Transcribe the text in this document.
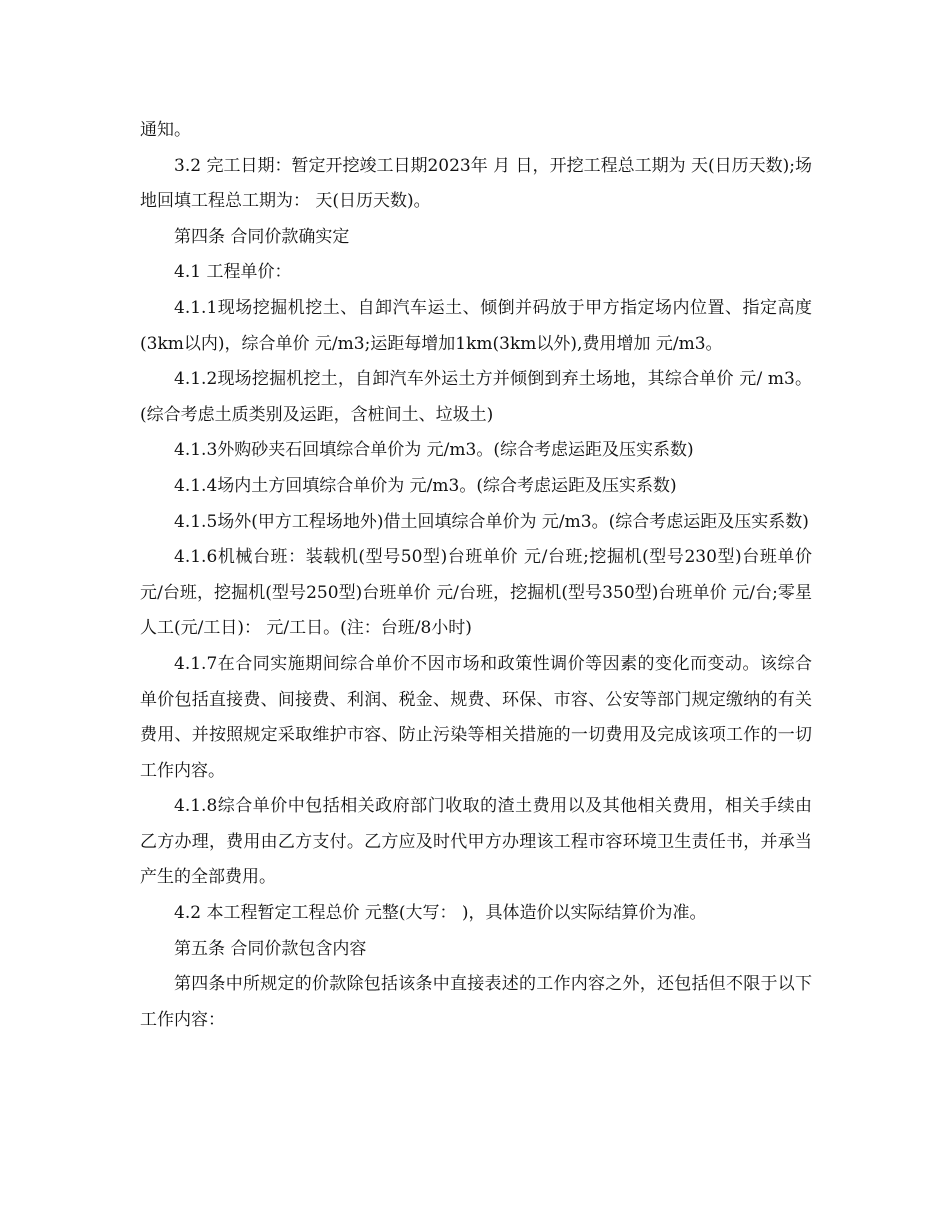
通知。

3.2 完工日期：暂定开挖竣工日期2023年 月 日，开挖工程总工期为 天(日历天数);场地回填工程总工期为： 天(日历天数)。

第四条 合同价款确实定

4.1 工程单价：

4.1.1现场挖掘机挖土、自卸汽车运土、倾倒并码放于甲方指定场内位置、指定高度(3km以内)，综合单价 元/m3;运距每增加1km(3km以外),费用增加 元/m3。

4.1.2现场挖掘机挖土，自卸汽车外运土方并倾倒到弃土场地，其综合单价 元/ m3。(综合考虑土质类别及运距，含桩间土、垃圾土)

4.1.3外购砂夹石回填综合单价为 元/m3。(综合考虑运距及压实系数)

4.1.4场内土方回填综合单价为 元/m3。(综合考虑运距及压实系数)

4.1.5场外(甲方工程场地外)借土回填综合单价为 元/m3。(综合考虑运距及压实系数)

4.1.6机械台班：装载机(型号50型)台班单价 元/台班;挖掘机(型号230型)台班单价 元/台班，挖掘机(型号250型)台班单价 元/台班，挖掘机(型号350型)台班单价 元/台;零星人工(元/工日)： 元/工日。(注：台班/8小时)

4.1.7在合同实施期间综合单价不因市场和政策性调价等因素的变化而变动。该综合单价包括直接费、间接费、利润、税金、规费、环保、市容、公安等部门规定缴纳的有关费用、并按照规定采取维护市容、防止污染等相关措施的一切费用及完成该项工作的一切工作内容。

4.1.8综合单价中包括相关政府部门收取的渣土费用以及其他相关费用，相关手续由乙方办理，费用由乙方支付。乙方应及时代甲方办理该工程市容环境卫生责任书，并承当产生的全部费用。

4.2 本工程暂定工程总价 元整(大写： )，具体造价以实际结算价为准。

第五条 合同价款包含内容

第四条中所规定的价款除包括该条中直接表述的工作内容之外，还包括但不限于以下工作内容：
